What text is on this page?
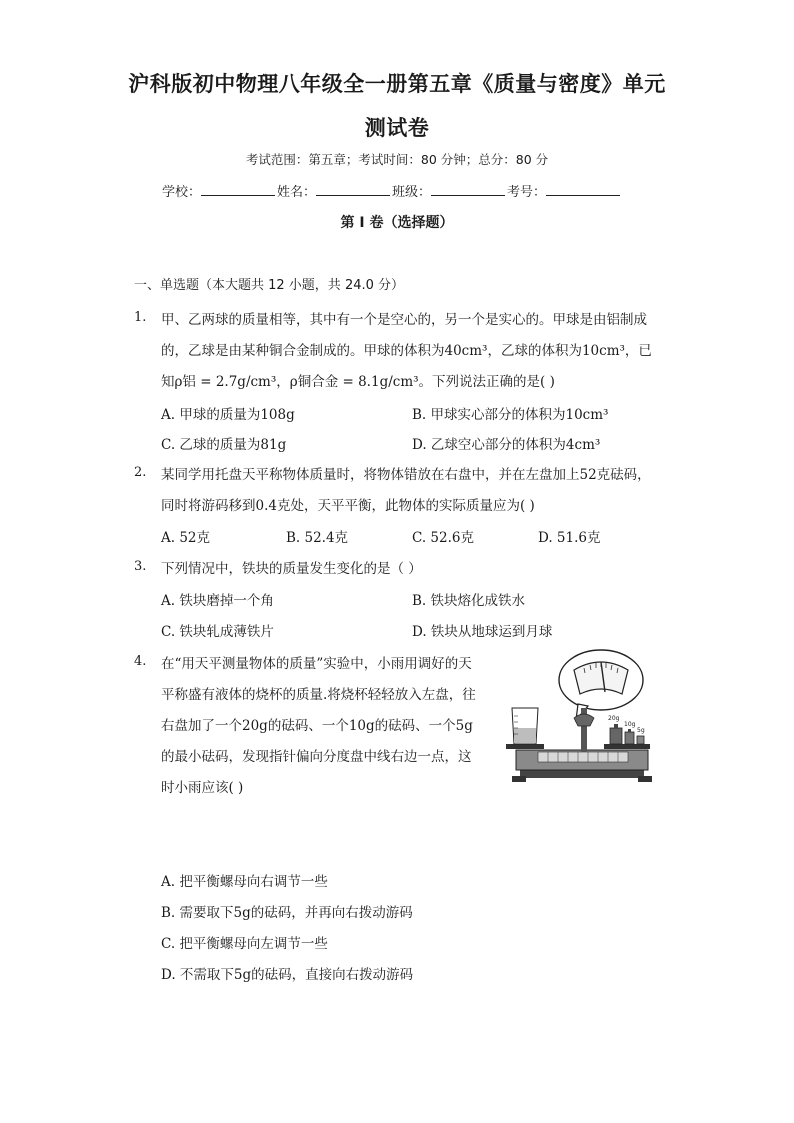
沪科版初中物理八年级全一册第五章《质量与密度》单元
测试卷
考试范围：第五章；考试时间：80 分钟；总分：80 分
学校：	姓名：	班级：	考号：
第 I 卷（选择题）
一、单选题（本大题共 12 小题，共 24.0 分）
1. 甲、乙两球的质量相等，其中有一个是空心的，另一个是实心的。甲球是由铝制成
的，乙球是由某种铜合金制成的。甲球的体积为40cm³，乙球的体积为10cm³，已
知ρ铝 = 2.7g/cm³，ρ铜合金 = 8.1g/cm³。下列说法正确的是( )
A. 甲球的质量为108g	B. 甲球实心部分的体积为10cm³
C. 乙球的质量为81g	D. 乙球空心部分的体积为4cm³
2. 某同学用托盘天平称物体质量时，将物体错放在右盘中，并在左盘加上52克砝码，
同时将游码移到0.4克处，天平平衡，此物体的实际质量应为( )
A. 52克	B. 52.4克	C. 52.6克	D. 51.6克
3. 下列情况中，铁块的质量发生变化的是（ ）
A. 铁块磨掉一个角	B. 铁块熔化成铁水
C. 铁块轧成薄铁片	D. 铁块从地球运到月球
4. 在“用天平测量物体的质量”实验中，小雨用调好的天
平称盛有液体的烧杯的质量.将烧杯轻轻放入左盘，往
右盘加了一个20g的砝码、一个10g的砝码、一个5g
的最小砝码，发现指针偏向分度盘中线右边一点，这
时小雨应该( )
20g
10g
5g
A. 把平衡螺母向右调节一些
B. 需要取下5g的砝码，并再向右拨动游码
C. 把平衡螺母向左调节一些
D. 不需取下5g的砝码，直接向右拨动游码
